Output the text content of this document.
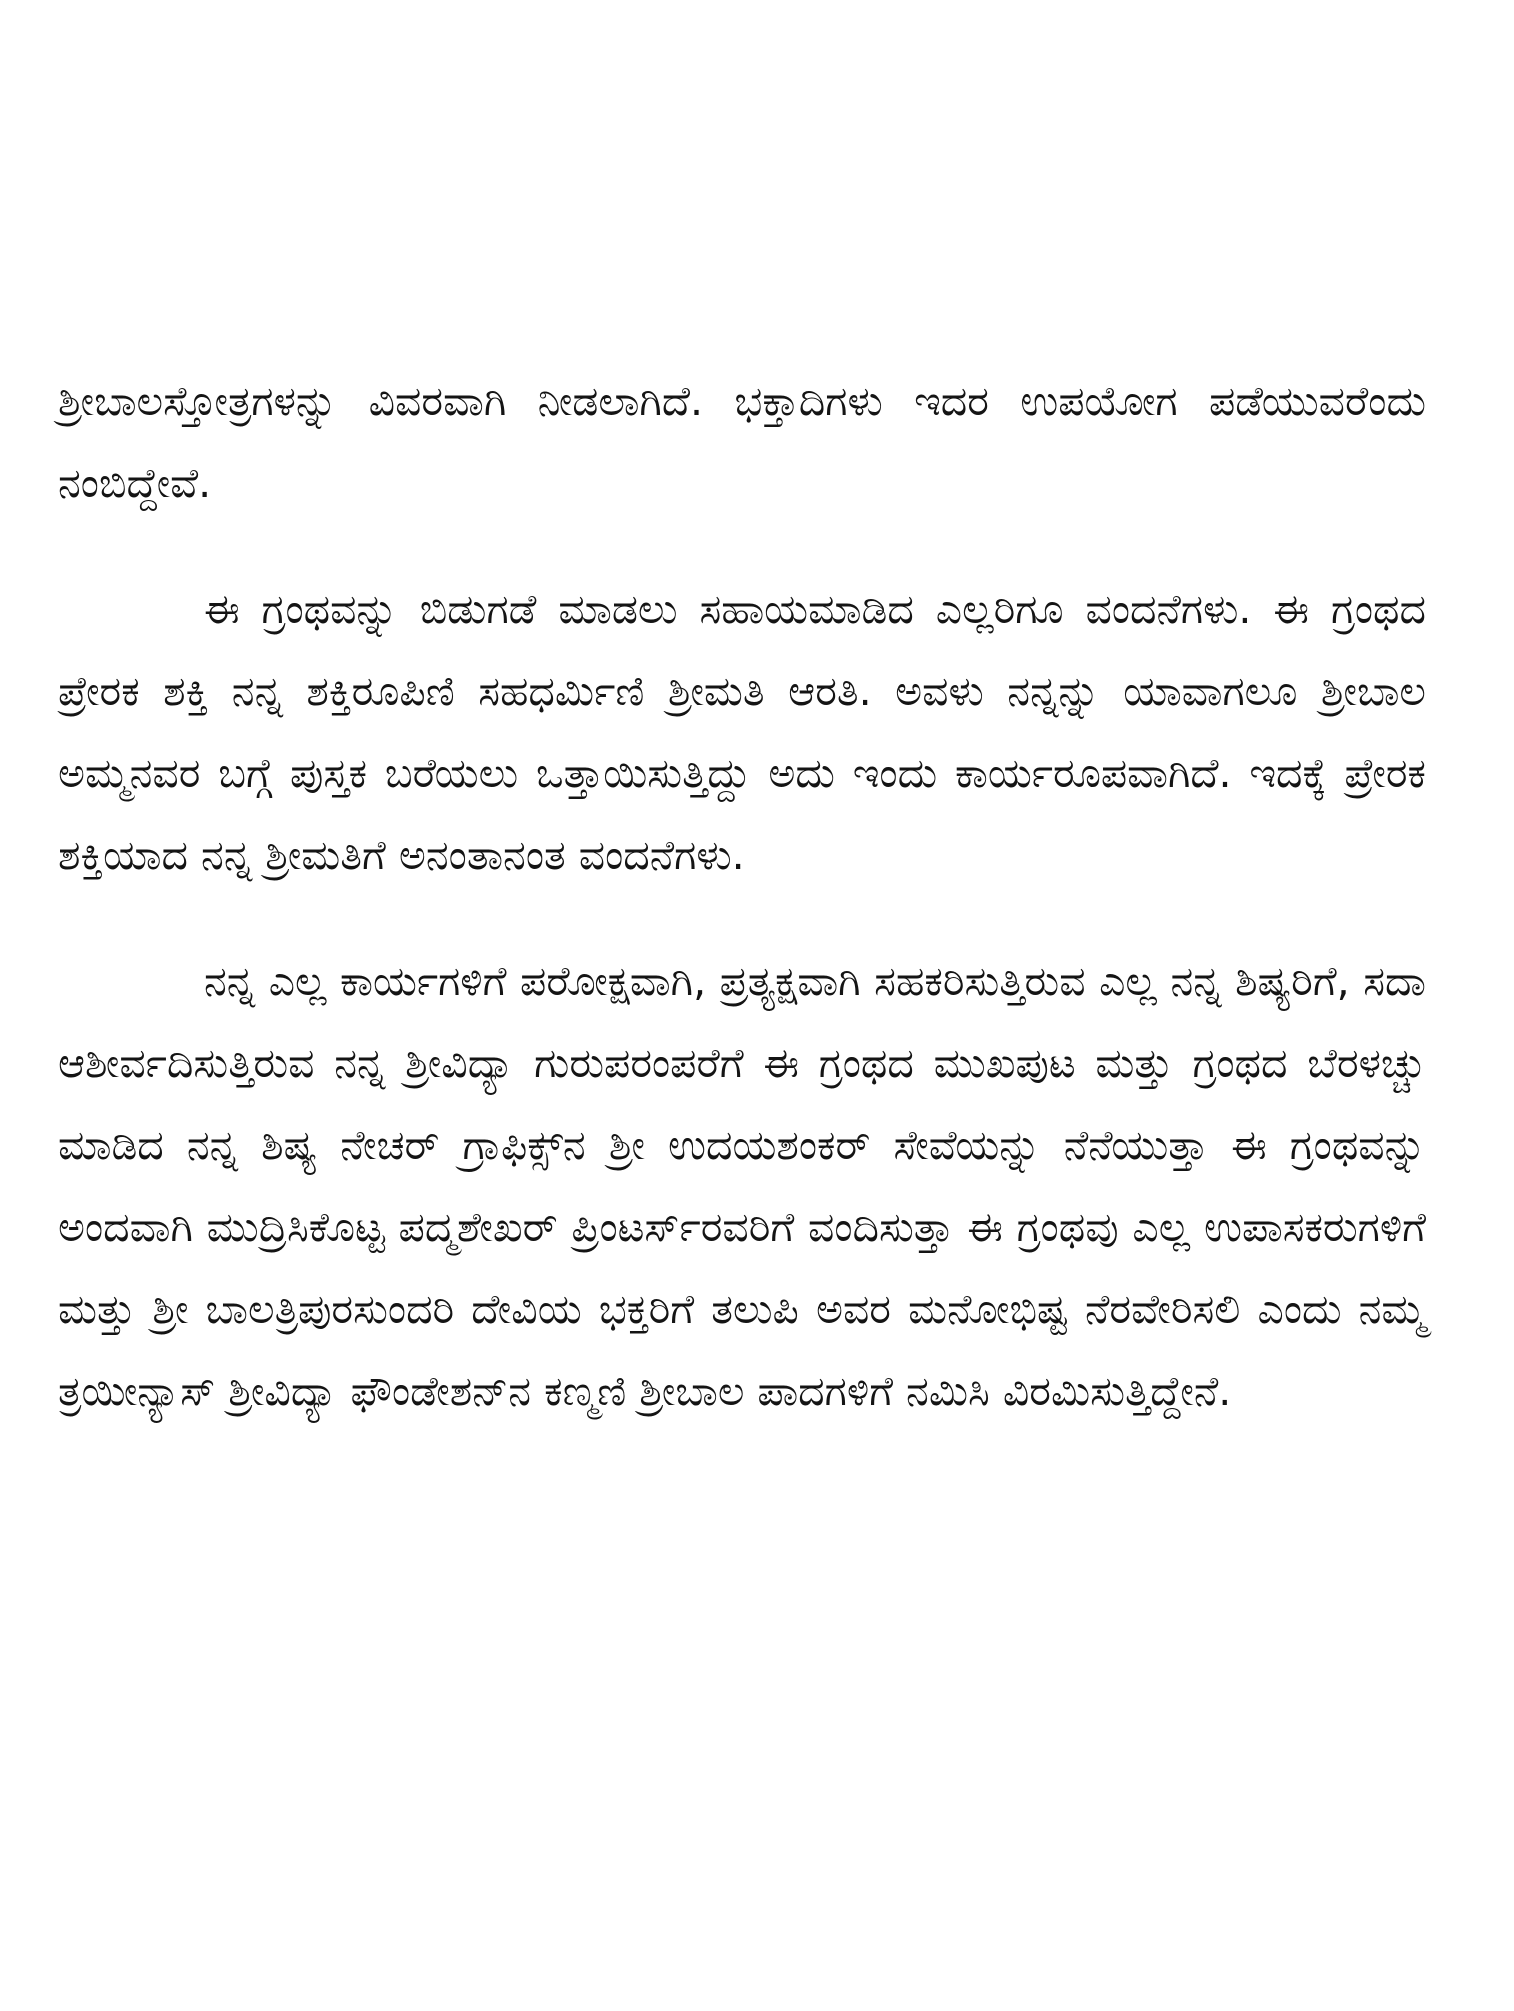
ಶ್ರೀಬಾಲಸ್ತೋತ್ರಗಳನ್ನು ವಿವರವಾಗಿ ನೀಡಲಾಗಿದೆ. ಭಕ್ತಾದಿಗಳು ಇದರ ಉಪಯೋಗ ಪಡೆಯುವರೆಂದು ನಂಬಿದ್ದೇವೆ.

ಈ ಗ್ರಂಥವನ್ನು ಬಿಡುಗಡೆ ಮಾಡಲು ಸಹಾಯಮಾಡಿದ ಎಲ್ಲರಿಗೂ ವಂದನೆಗಳು. ಈ ಗ್ರಂಥದ ಪ್ರೇರಕ ಶಕ್ತಿ ನನ್ನ ಶಕ್ತಿರೂಪಿಣಿ ಸಹಧರ್ಮಿಣಿ ಶ್ರೀಮತಿ ಆರತಿ. ಅವಳು ನನ್ನನ್ನು ಯಾವಾಗಲೂ ಶ್ರೀಬಾಲ ಅಮ್ಮನವರ ಬಗ್ಗೆ ಪುಸ್ತಕ ಬರೆಯಲು ಒತ್ತಾಯಿಸುತ್ತಿದ್ದು ಅದು ಇಂದು ಕಾರ್ಯರೂಪವಾಗಿದೆ. ಇದಕ್ಕೆ ಪ್ರೇರಕ ಶಕ್ತಿಯಾದ ನನ್ನ ಶ್ರೀಮತಿಗೆ ಅನಂತಾನಂತ ವಂದನೆಗಳು.

ನನ್ನ ಎಲ್ಲ ಕಾರ್ಯಗಳಿಗೆ ಪರೋಕ್ಷವಾಗಿ, ಪ್ರತ್ಯಕ್ಷವಾಗಿ ಸಹಕರಿಸುತ್ತಿರುವ ಎಲ್ಲ ನನ್ನ ಶಿಷ್ಯರಿಗೆ, ಸದಾ ಆಶೀರ್ವದಿಸುತ್ತಿರುವ ನನ್ನ ಶ್ರೀವಿದ್ಯಾ ಗುರುಪರಂಪರೆಗೆ ಈ ಗ್ರಂಥದ ಮುಖಪುಟ ಮತ್ತು ಗ್ರಂಥದ ಬೆರಳಚ್ಚು ಮಾಡಿದ ನನ್ನ ಶಿಷ್ಯ ನೇಚರ್ ಗ್ರಾಫಿಕ್ಸ್‌ನ ಶ್ರೀ ಉದಯಶಂಕರ್ ಸೇವೆಯನ್ನು ನೆನೆಯುತ್ತಾ ಈ ಗ್ರಂಥವನ್ನು ಅಂದವಾಗಿ ಮುದ್ರಿಸಿಕೊಟ್ಟ ಪದ್ಮಶೇಖರ್ ಪ್ರಿಂಟರ್ಸ್‌ರವರಿಗೆ ವಂದಿಸುತ್ತಾ ಈ ಗ್ರಂಥವು ಎಲ್ಲ ಉಪಾಸಕರುಗಳಿಗೆ ಮತ್ತು ಶ್ರೀ ಬಾಲತ್ರಿಪುರಸುಂದರಿ ದೇವಿಯ ಭಕ್ತರಿಗೆ ತಲುಪಿ ಅವರ ಮನೋಭಿಷ್ಟ ನೆರವೇರಿಸಲಿ ಎಂದು ನಮ್ಮ ತ್ರಯೀನ್ಯಾಸ್ ಶ್ರೀವಿದ್ಯಾ ಫೌಂಡೇಶನ್‌ನ ಕಣ್ಮಣಿ ಶ್ರೀಬಾಲ ಪಾದಗಳಿಗೆ ನಮಿಸಿ ವಿರಮಿಸುತ್ತಿದ್ದೇನೆ.
